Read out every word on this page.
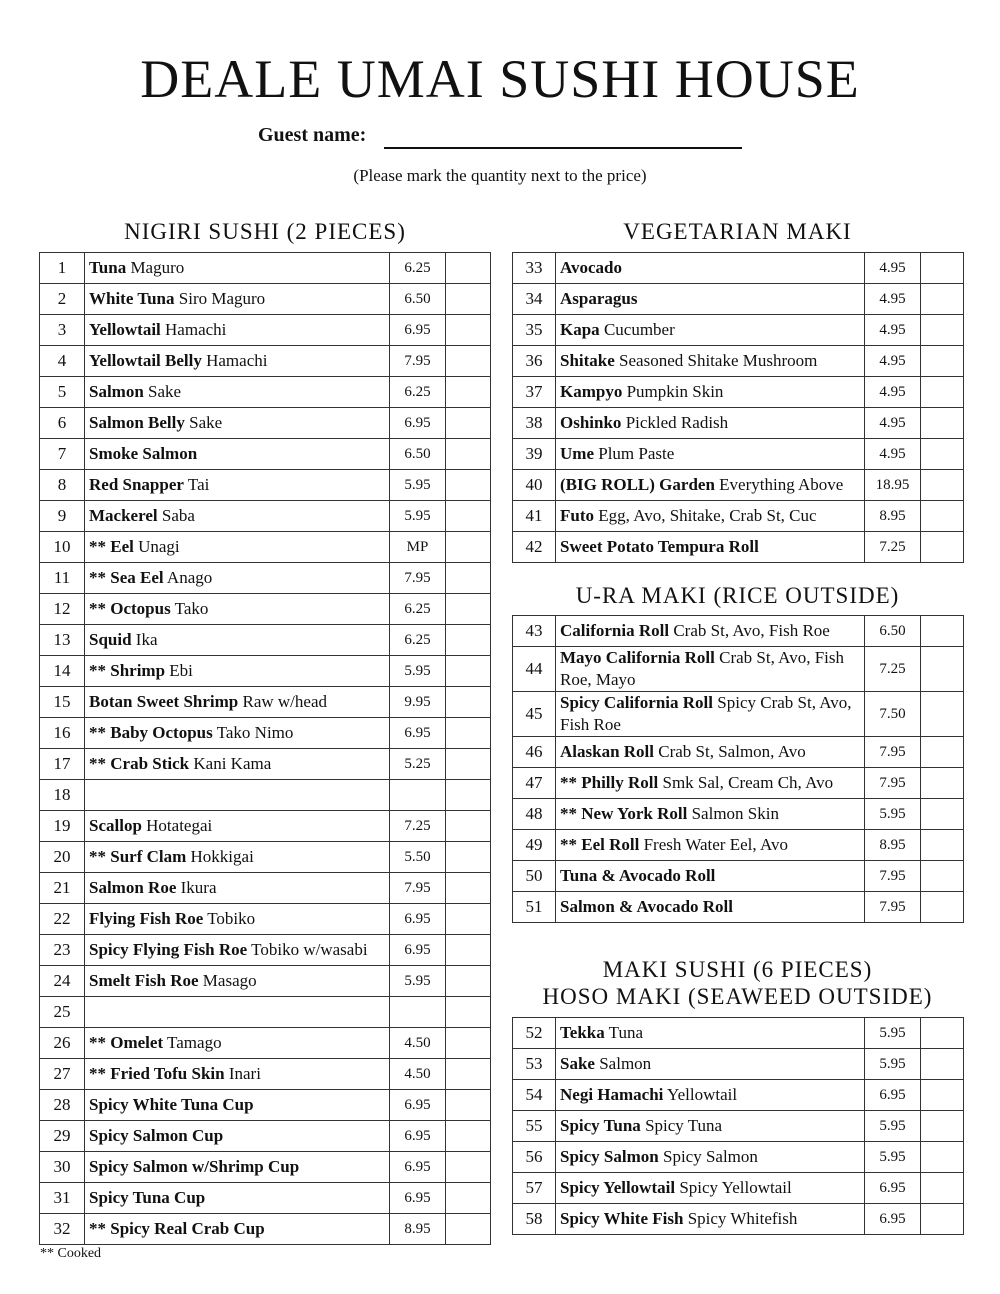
DEALE UMAI SUSHI HOUSE
Guest name:
(Please mark the quantity next to the price)
NIGIRI SUSHI (2 PIECES)
1	Tuna Maguro	6.25	
2	White Tuna Siro Maguro	6.50	
3	Yellowtail Hamachi	6.95	
4	Yellowtail Belly Hamachi	7.95	
5	Salmon Sake	6.25	
6	Salmon Belly Sake	6.95	
7	Smoke Salmon	6.50	
8	Red Snapper Tai	5.95	
9	Mackerel Saba	5.95	
10	** Eel Unagi	MP	
11	** Sea Eel Anago	7.95	
12	** Octopus Tako	6.25	
13	Squid Ika	6.25	
14	** Shrimp Ebi	5.95	
15	Botan Sweet Shrimp Raw w/head	9.95	
16	** Baby Octopus Tako Nimo	6.95	
17	** Crab Stick Kani Kama	5.25	
18			
19	Scallop Hotategai	7.25	
20	** Surf Clam Hokkigai	5.50	
21	Salmon Roe Ikura	7.95	
22	Flying Fish Roe Tobiko	6.95	
23	Spicy Flying Fish Roe Tobiko w/wasabi	6.95	
24	Smelt Fish Roe Masago	5.95	
25			
26	** Omelet Tamago	4.50	
27	** Fried Tofu Skin Inari	4.50	
28	Spicy White Tuna Cup	6.95	
29	Spicy Salmon Cup	6.95	
30	Spicy Salmon w/Shrimp Cup	6.95	
31	Spicy Tuna Cup	6.95	
32	** Spicy Real Crab Cup	8.95	
VEGETARIAN MAKI
33	Avocado	4.95	
34	Asparagus	4.95	
35	Kapa Cucumber	4.95	
36	Shitake Seasoned Shitake Mushroom	4.95	
37	Kampyo Pumpkin Skin	4.95	
38	Oshinko Pickled Radish	4.95	
39	Ume Plum Paste	4.95	
40	(BIG ROLL) Garden Everything Above	18.95	
41	Futo Egg, Avo, Shitake, Crab St, Cuc	8.95	
42	Sweet Potato Tempura Roll	7.25	
U-RA MAKI (RICE OUTSIDE)
43	California Roll Crab St, Avo, Fish Roe	6.50	
44	Mayo California Roll Crab St, Avo, Fish Roe, Mayo	7.25	
45	Spicy California Roll Spicy Crab St, Avo, Fish Roe	7.50	
46	Alaskan Roll Crab St, Salmon, Avo	7.95	
47	** Philly Roll Smk Sal, Cream Ch, Avo	7.95	
48	** New York Roll Salmon Skin	5.95	
49	** Eel Roll Fresh Water Eel, Avo	8.95	
50	Tuna & Avocado Roll	7.95	
51	Salmon & Avocado Roll	7.95	
MAKI SUSHI (6 PIECES)
HOSO MAKI (SEAWEED OUTSIDE)
52	Tekka Tuna	5.95	
53	Sake Salmon	5.95	
54	Negi Hamachi Yellowtail	6.95	
55	Spicy Tuna Spicy Tuna	5.95	
56	Spicy Salmon Spicy Salmon	5.95	
57	Spicy Yellowtail Spicy Yellowtail	6.95	
58	Spicy White Fish Spicy Whitefish	6.95	
** Cooked
